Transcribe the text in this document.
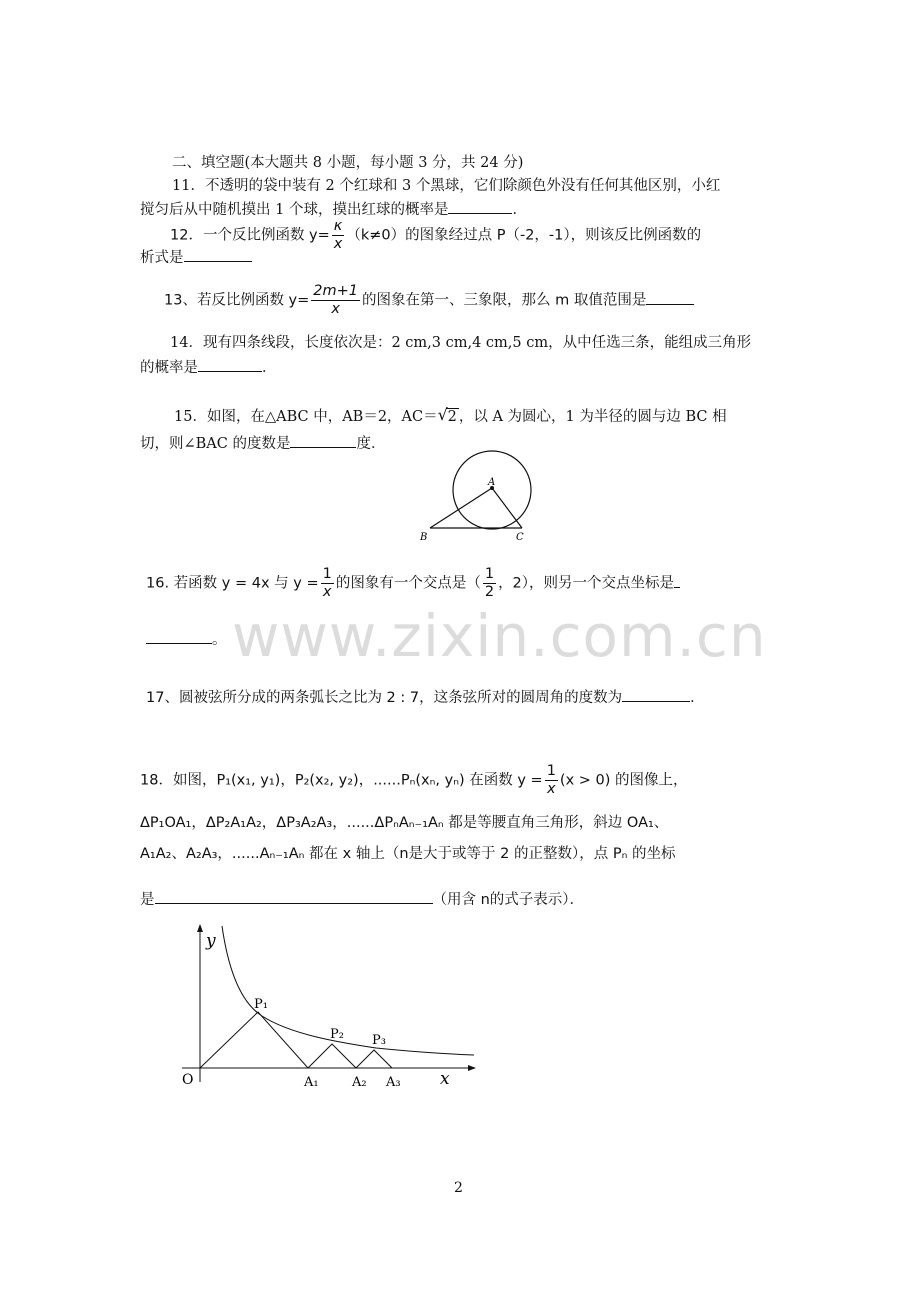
二、填空题(本大题共 8 小题，每小题 3 分，共 24 分)
11．不透明的袋中装有 2 个红球和 3 个黑球，它们除颜色外没有任何其他区别，小红
搅匀后从中随机摸出 1 个球，摸出红球的概率是	．
12．一个反比例函数 $y= \frac{\kappa}{x} (k\ne 0)$的图象经过点 P（-2，-1），则该反比例函数的
析式是
13、若反比例函数 $y= \frac{2m+1}{x}$ 的图象在第一、三象限，那么 m 取值范围是
14．现有四条线段，长度依次是：2 cm,3 cm,4 cm,5 cm，从中任选三条，能组成三角形
的概率是	．
15．如图，在△ABC 中，AB＝2，AC＝ √ 2 ，以 A 为圆心，1 为半径的圆与边 BC 相
切，则∠BAC 的度数是	度．
A
B	C
16. 若函数 y = 4x 与 $y = \frac{1}{x}$ 的图象有一个交点是（ $\frac{1}{2}$ ，2），则另一个交点坐标是
。 www.zixin.com.cn
17、圆被弦所分成的两条弧长之比为 2 : 7，这条弦所对的圆周角的度数为	．
18．如图，P₁(x₁, y₁)，P₂(x₂, y₂)，......Pₙ(xₙ, yₙ) 在函数 $y = \frac{1}{x} (x > 0)$ 的图像上，
ΔP₁OA₁，ΔP₂A₁A₂，ΔP₃A₂A₃，......ΔPₙAₙ₋₁Aₙ 都是等腰直角三角形，斜边 OA₁、
A₁A₂、A₂A₃，......Aₙ₋₁Aₙ 都在 x 轴上（n是大于或等于 2 的正整数），点 Pₙ 的坐标
是	（用含 n的式子表示）．
y
x
O
P₁
P₂ P₃
A₁	A₂ A₃
2
